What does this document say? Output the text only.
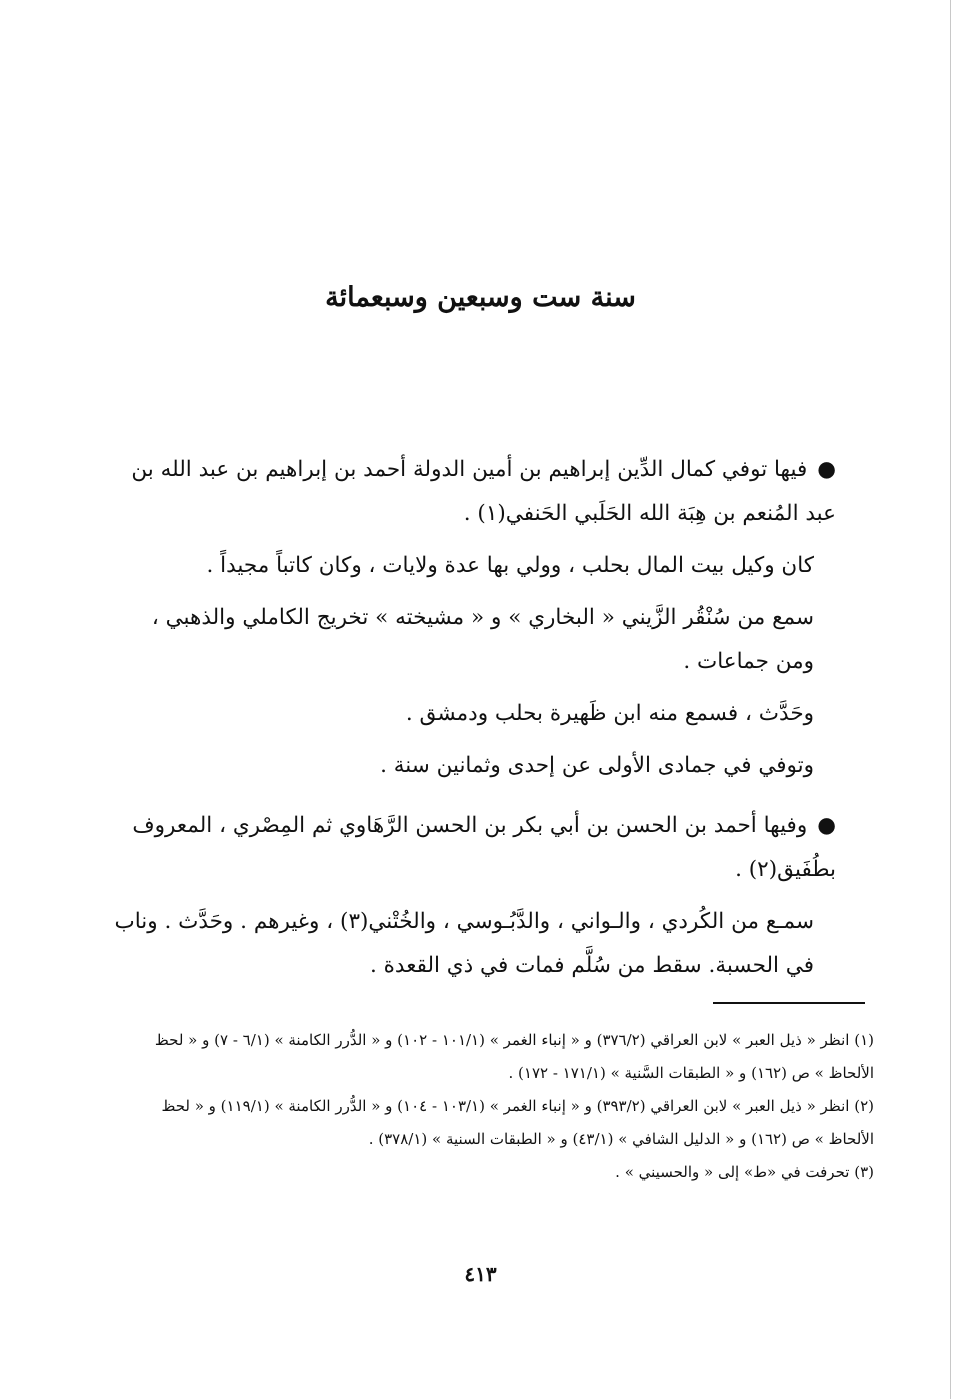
سنة ست وسبعين وسبعمائة

●فيها توفي كمال الدِّين إبراهيم بن أمين الدولة أحمد بن إبراهيم بن عبد الله بن عبد المُنعم بن هِبَة الله الحَلَبي الحَنفي(١) .

كان وكيل بيت المال بحلب ، وولي بها عدة ولايات ، وكان كاتباً مجيداً .

سمع من سُنْقُر الزَّيني « البخاري » و « مشيخته » تخريج الكاملي والذهبي ، ومن جماعات .

وحَدَّث ، فسمع منه ابن ظَهيرة بحلب ودمشق .

وتوفي في جمادى الأولى عن إحدى وثمانين سنة .

●وفيها أحمد بن الحسن بن أبي بكر بن الحسن الرَّهَاوي ثم المِصْري ، المعروف بطُفَيق(٢) .

سمـع من الكُردي ، والـواني ، والدَّبُـوسي ، والخُتْني(٣) ، وغيرهم . وحَدَّث . وناب في الحسبة. سقط من سُلَّم فمات في ذي القعدة .

(١) انظر « ذيل العبر » لابن العراقي (٣٧٦/٢) و « إنباء الغمر » (١٠١/١ - ١٠٢) و « الدُّرر الكامنة » (٦/١ - ٧) و « لحظ الألحاظ » ص (١٦٢) و « الطبقات السَّنية » (١٧١/١ - ١٧٢) .

(٢) انظر « ذيل العبر » لابن العراقي (٣٩٣/٢) و « إنباء الغمر » (١٠٣/١ - ١٠٤) و « الدُّرر الكامنة » (١١٩/١) و « لحظ الألحاظ » ص (١٦٢) و « الدليل الشافي » (٤٣/١) و « الطبقات السنية » (٣٧٨/١) .

(٣) تحرفت في «ط» إلى « والحسيني » .

٤١٣
